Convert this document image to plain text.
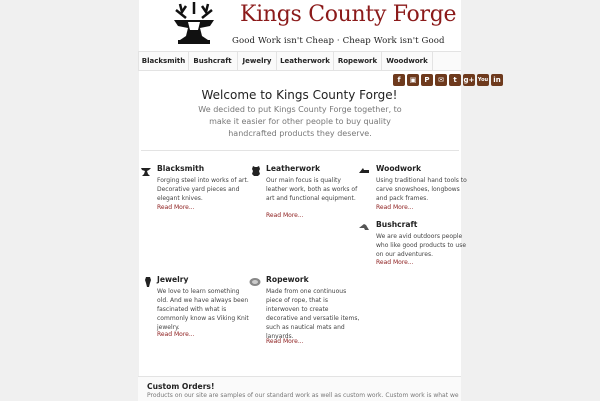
Kings County Forge
Good Work isn't Cheap · Cheap Work isn't Good
Blacksmith	Bushcraft	Jewelry	Leatherwork	Ropework	Woodwork
f	▣	P	✉	t g+ You in
Welcome to Kings County Forge!
We decided to put Kings County Forge together, to make it easier for other people to buy quality handcrafted products they deserve.
Blacksmith
Forging steel into works of art. Decorative yard pieces and elegant knives.
Read More...
Leatherwork
Our main focus is quality leather work, both as works of art and functional equipment.
Read More...
Woodwork
Using traditional hand tools to carve snowshoes, longbows and pack frames.
Read More...
Bushcraft
We are avid outdoors people who like good products to use on our adventures.
Read More...
Jewelry
We love to learn something old. And we have always been fascinated with what is commonly know as Viking Knit jewelry.
Read More...
Ropework
Made from one continuous piece of rope, that is interwoven to create decorative and versatile items, such as nautical mats and lanyards.
Read More...
Custom Orders!
Products on our site are samples of our standard work as well as custom work. Custom work is what we
